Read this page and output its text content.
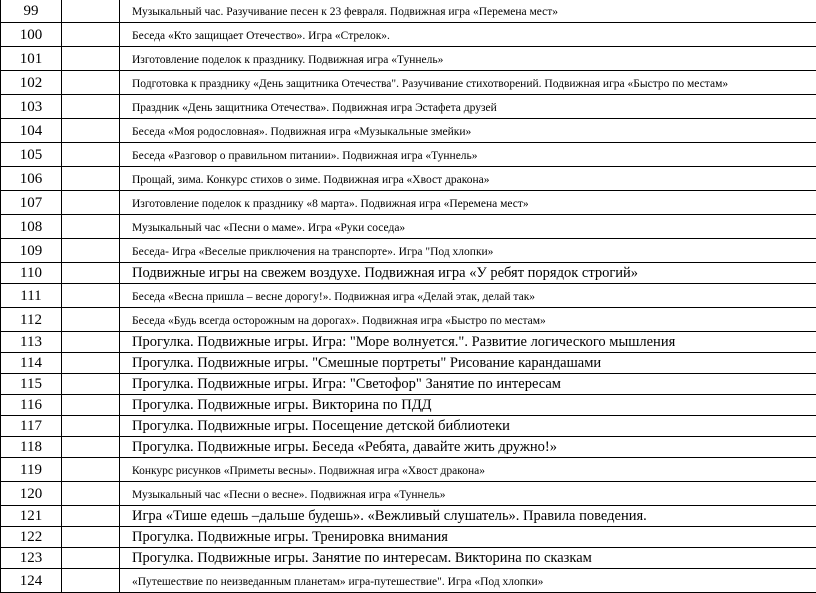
99		Музыкальный час. Разучивание песен к 23 февраля. Подвижная игра «Перемена мест»
100		Беседа «Кто защищает Отечество». Игра «Стрелок».
101		Изготовление поделок к празднику. Подвижная игра «Туннель»
102		Подготовка к празднику «День защитника Отечества". Разучивание стихотворений. Подвижная игра «Быстро по местам»
103		Праздник «День защитника Отечества». Подвижная игра Эстафета друзей
104		Беседа «Моя родословная». Подвижная игра «Музыкальные змейки»
105		Беседа «Разговор о правильном питании». Подвижная игра «Туннель»
106		Прощай, зима. Конкурс стихов о зиме. Подвижная игра «Хвост дракона»
107		Изготовление поделок к празднику «8 марта». Подвижная игра «Перемена мест»
108		Музыкальный час «Песни о маме». Игра «Руки соседа»
109		Беседа- Игра «Веселые приключения на транспорте». Игра "Под хлопки»
110		Подвижные игры на свежем воздухе. Подвижная игра «У ребят порядок строгий»
111		Беседа «Весна пришла – весне дорогу!». Подвижная игра «Делай этак, делай так»
112		Беседа «Будь всегда осторожным на дорогах». Подвижная игра «Быстро по местам»
113		Прогулка. Подвижные игры. Игра: "Море волнуется.". Развитие логического мышления
114		Прогулка. Подвижные игры. "Смешные портреты" Рисование карандашами
115		Прогулка. Подвижные игры. Игра: "Светофор" Занятие по интересам
116		Прогулка. Подвижные игры. Викторина по ПДД
117		Прогулка. Подвижные игры. Посещение детской библиотеки
118		Прогулка. Подвижные игры. Беседа «Ребята, давайте жить дружно!»
119		Конкурс рисунков «Приметы весны». Подвижная игра «Хвост дракона»
120		Музыкальный час «Песни о весне». Подвижная игра «Туннель»
121		Игра «Тише едешь –дальше будешь». «Вежливый слушатель». Правила поведения.
122		Прогулка. Подвижные игры. Тренировка внимания
123		Прогулка. Подвижные игры. Занятие по интересам. Викторина по сказкам
124		«Путешествие по неизведанным планетам» игра-путешествие". Игра «Под хлопки»
